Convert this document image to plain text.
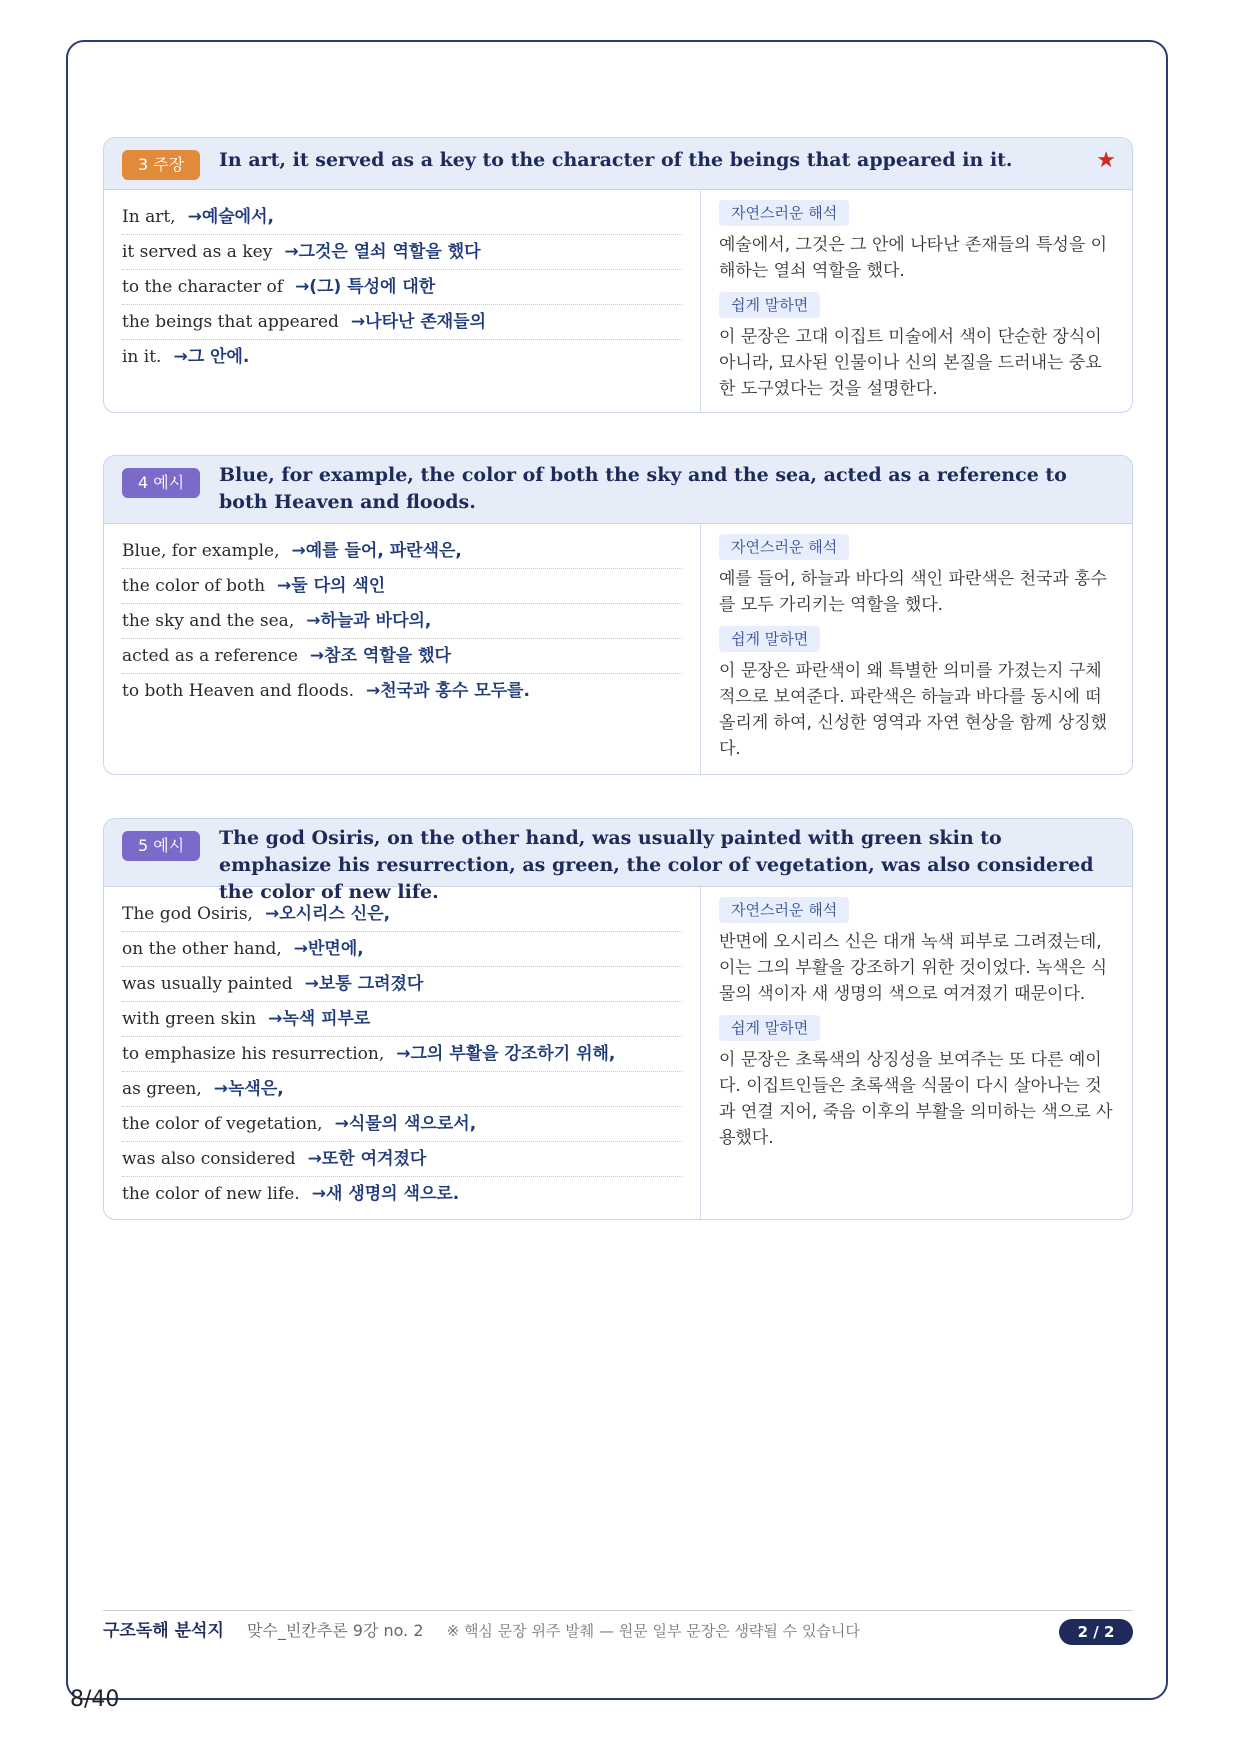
3 주장	In art, it served as a key to the character of the beings that appeared in it.	★
In art, →예술에서,
it served as a key →그것은 열쇠 역할을 했다
to the character of →(그) 특성에 대한
the beings that appeared →나타난 존재들의
in it. →그 안에.
자연스러운 해석
예술에서, 그것은 그 안에 나타난 존재들의 특성을 이해하는 열쇠 역할을 했다.
쉽게 말하면
이 문장은 고대 이집트 미술에서 색이 단순한 장식이 아니라, 묘사된 인물이나 신의 본질을 드러내는 중요한 도구였다는 것을 설명한다.
4 예시	Blue, for example, the color of both the sky and the sea, acted as a reference to both Heaven and floods.
Blue, for example, →예를 들어, 파란색은,
the color of both →둘 다의 색인
the sky and the sea, →하늘과 바다의,
acted as a reference →참조 역할을 했다
to both Heaven and floods. →천국과 홍수 모두를.
자연스러운 해석
예를 들어, 하늘과 바다의 색인 파란색은 천국과 홍수를 모두 가리키는 역할을 했다.
쉽게 말하면
이 문장은 파란색이 왜 특별한 의미를 가졌는지 구체적으로 보여준다. 파란색은 하늘과 바다를 동시에 떠올리게 하여, 신성한 영역과 자연 현상을 함께 상징했다.
5 예시	The god Osiris, on the other hand, was usually painted with green skin to emphasize his resurrection, as green, the color of vegetation, was also considered the color of new life.
The god Osiris, →오시리스 신은,
on the other hand, →반면에,
was usually painted →보통 그려졌다
with green skin →녹색 피부로
to emphasize his resurrection, →그의 부활을 강조하기 위해,
as green, →녹색은,
the color of vegetation, →식물의 색으로서,
was also considered →또한 여겨졌다
the color of new life. →새 생명의 색으로.
자연스러운 해석
반면에 오시리스 신은 대개 녹색 피부로 그려졌는데, 이는 그의 부활을 강조하기 위한 것이었다. 녹색은 식물의 색이자 새 생명의 색으로 여겨졌기 때문이다.
쉽게 말하면
이 문장은 초록색의 상징성을 보여주는 또 다른 예이다. 이집트인들은 초록색을 식물이 다시 살아나는 것과 연결 지어, 죽음 이후의 부활을 의미하는 색으로 사용했다.
구조독해 분석지 맞수_빈칸추론 9강 no. 2 ※ 핵심 문장 위주 발췌 — 원문 일부 문장은 생략될 수 있습니다	2 / 2
8/40
